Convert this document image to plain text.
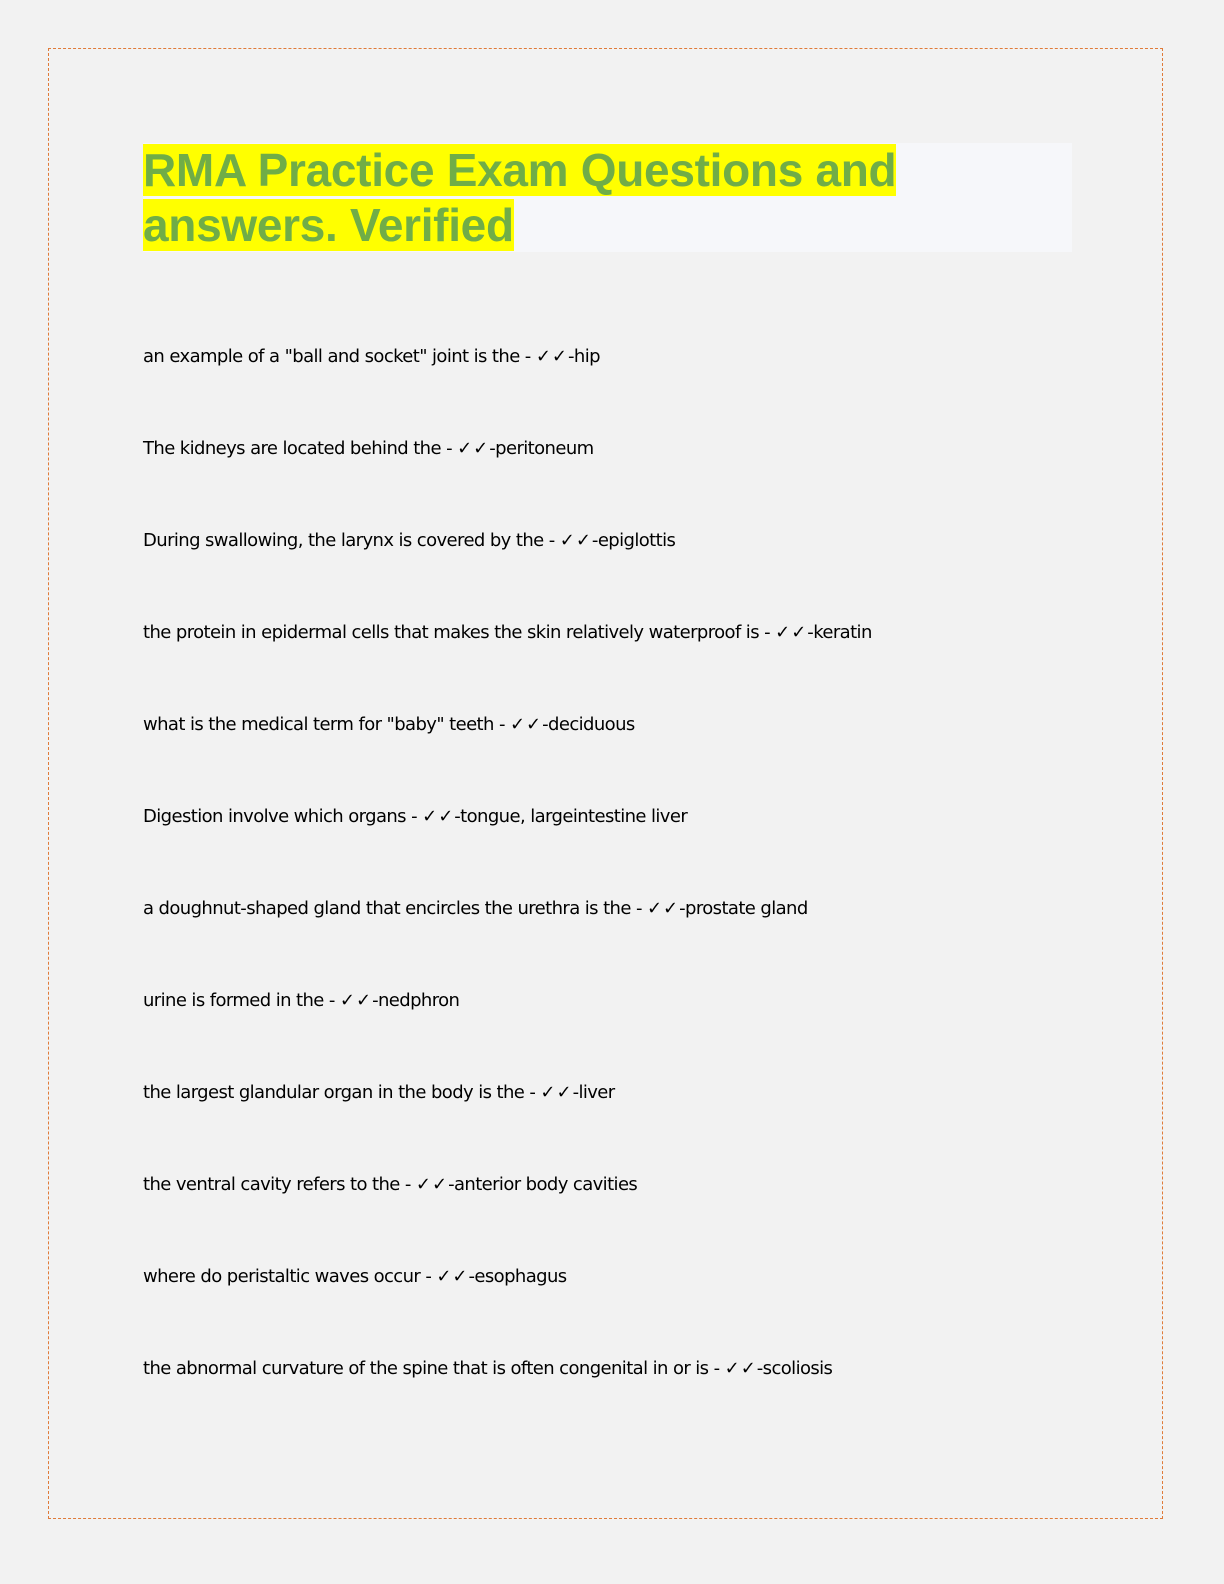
RMA Practice Exam Questions and
answers. Verified
an example of a "ball and socket" joint is the - ✓✓-hip
The kidneys are located behind the - ✓✓-peritoneum
During swallowing, the larynx is covered by the - ✓✓-epiglottis
the protein in epidermal cells that makes the skin relatively waterproof is - ✓✓-keratin
what is the medical term for "baby" teeth - ✓✓-deciduous
Digestion involve which organs - ✓✓-tongue, largeintestine liver
a doughnut-shaped gland that encircles the urethra is the - ✓✓-prostate gland
urine is formed in the - ✓✓-nedphron
the largest glandular organ in the body is the - ✓✓-liver
the ventral cavity refers to the - ✓✓-anterior body cavities
where do peristaltic waves occur - ✓✓-esophagus
the abnormal curvature of the spine that is often congenital in or is - ✓✓-scoliosis
